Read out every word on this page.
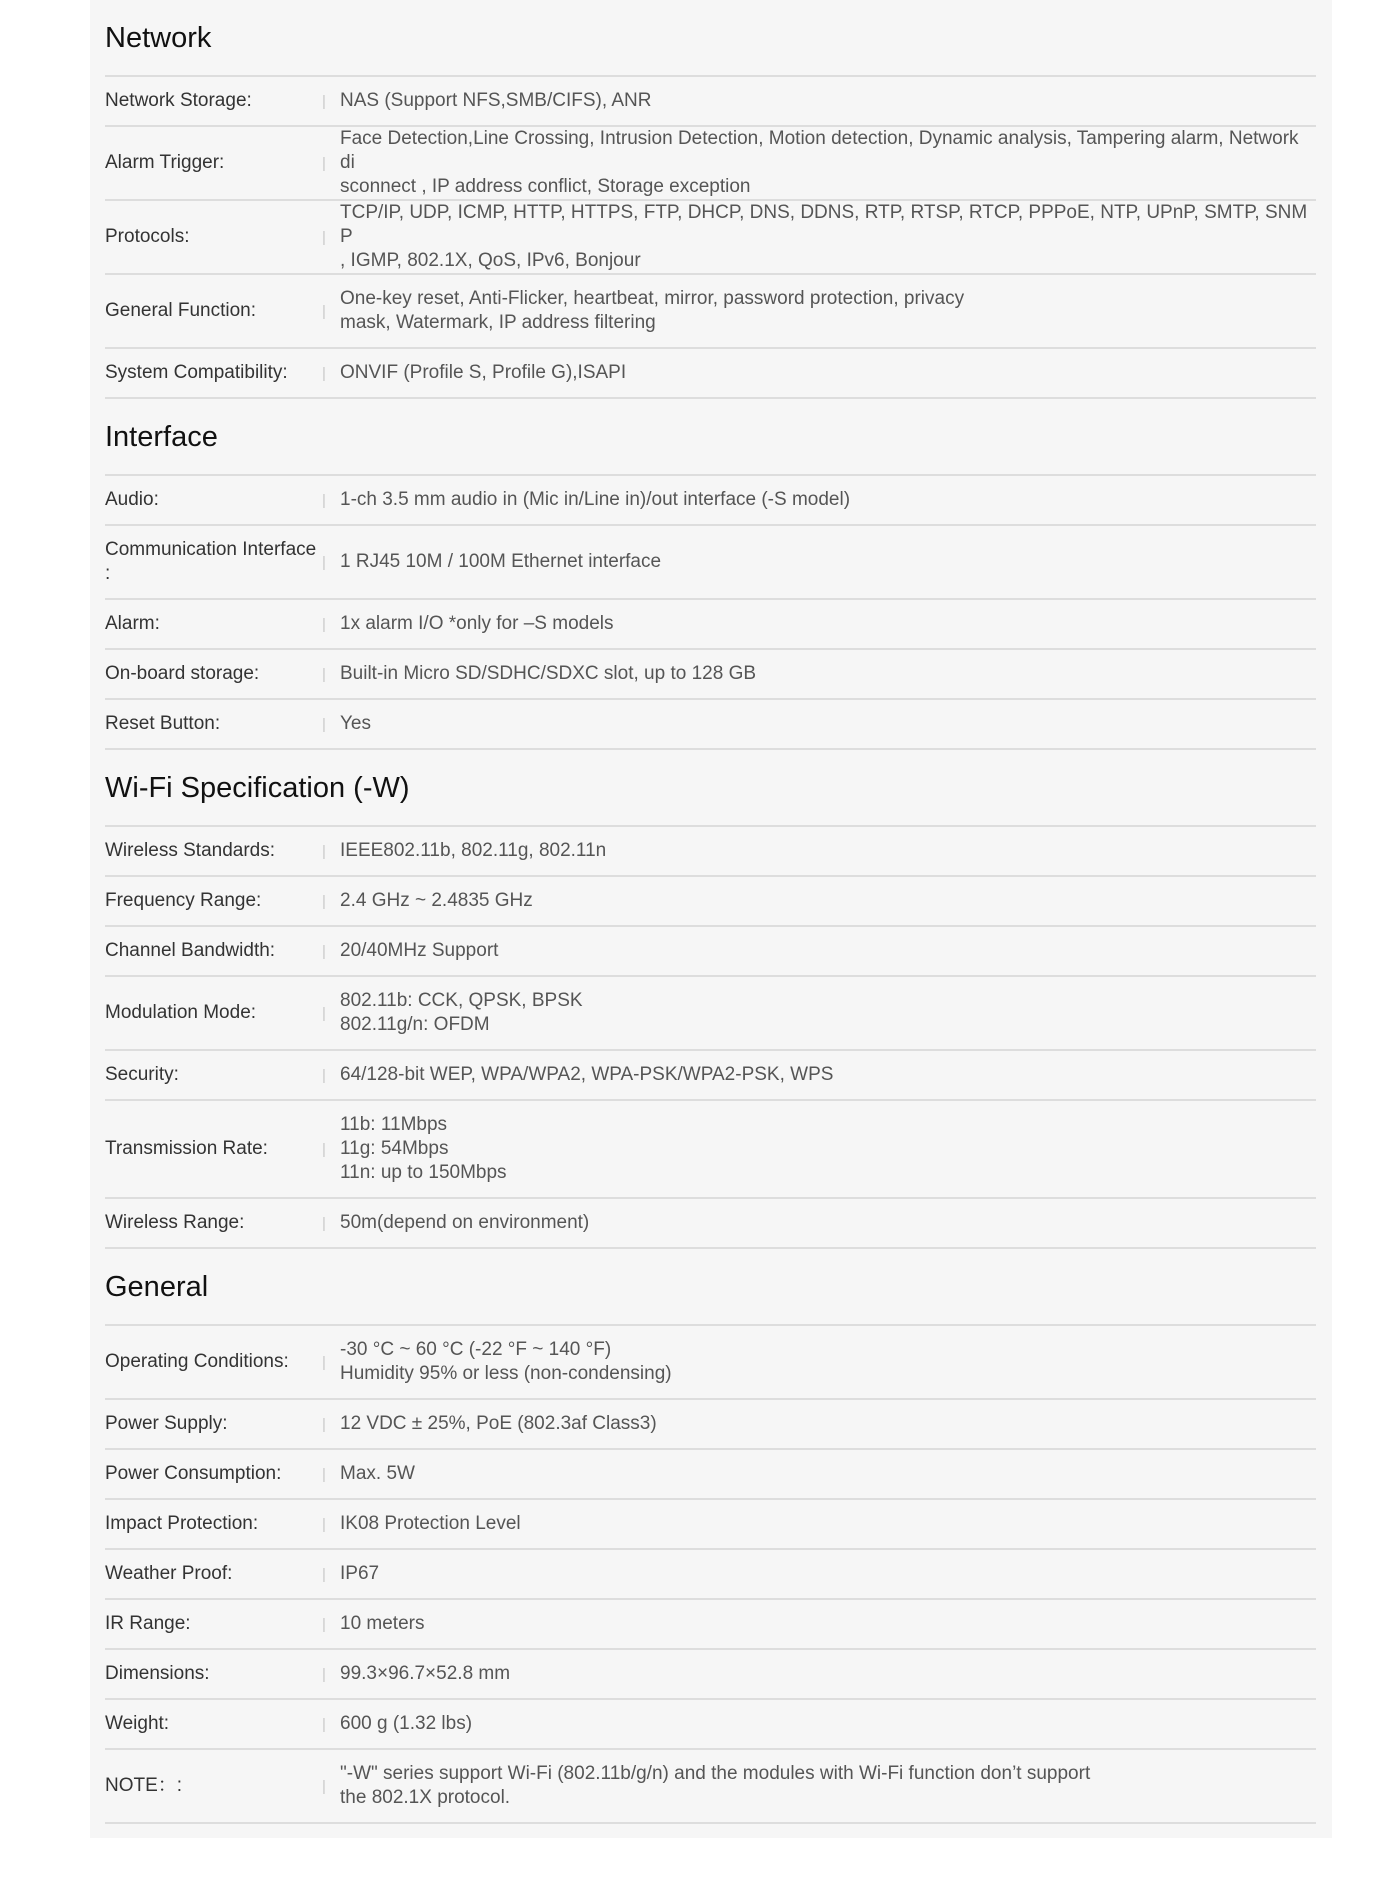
Network
Network Storage:	| NAS (Support NFS,SMB/CIFS), ANR
Alarm Trigger:	|
Face Detection,Line Crossing, Intrusion Detection, Motion detection, Dynamic analysis, Tampering alarm, Network di
sconnect , IP address conflict, Storage exception
Protocols:	|
TCP/IP, UDP, ICMP, HTTP, HTTPS, FTP, DHCP, DNS, DDNS, RTP, RTSP, RTCP, PPPoE, NTP, UPnP, SMTP, SNMP
, IGMP, 802.1X, QoS, IPv6, Bonjour
General Function:	|
One-key reset, Anti-Flicker, heartbeat, mirror, password protection, privacy
mask, Watermark, IP address filtering
System Compatibility:	| ONVIF (Profile S, Profile G),ISAPI
Interface
Audio:	| 1-ch 3.5 mm audio in (Mic in/Line in)/out interface (-S model)
Communication Interface
:
| 1 RJ45 10M / 100M Ethernet interface
Alarm:	| 1x alarm I/O *only for –S models
On-board storage:	| Built-in Micro SD/SDHC/SDXC slot, up to 128 GB
Reset Button:	| Yes
Wi-Fi Specification (-W)
Wireless Standards:	| IEEE802.11b, 802.11g, 802.11n
Frequency Range:	| 2.4 GHz ~ 2.4835 GHz
Channel Bandwidth:	| 20/40MHz Support
Modulation Mode:	|
802.11b: CCK, QPSK, BPSK
802.11g/n: OFDM
Security:	| 64/128-bit WEP, WPA/WPA2, WPA-PSK/WPA2-PSK, WPS
Transmission Rate:	|
11b: 11Mbps
11g: 54Mbps
11n: up to 150Mbps
Wireless Range:	| 50m(depend on environment)
General
Operating Conditions:	|
-30 °C ~ 60 °C (-22 °F ~ 140 °F)
Humidity 95% or less (non-condensing)
Power Supply:	| 12 VDC ± 25%, PoE (802.3af Class3)
Power Consumption:	| Max. 5W
Impact Protection:	| IK08 Protection Level
Weather Proof:	| IP67
IR Range:	| 10 meters
Dimensions:	| 99.3×96.7×52.8 mm
Weight:	| 600 g (1.32 lbs)
NOTE：:	|
"-W" series support Wi-Fi (802.11b/g/n) and the modules with Wi-Fi function don’t support
the 802.1X protocol.
